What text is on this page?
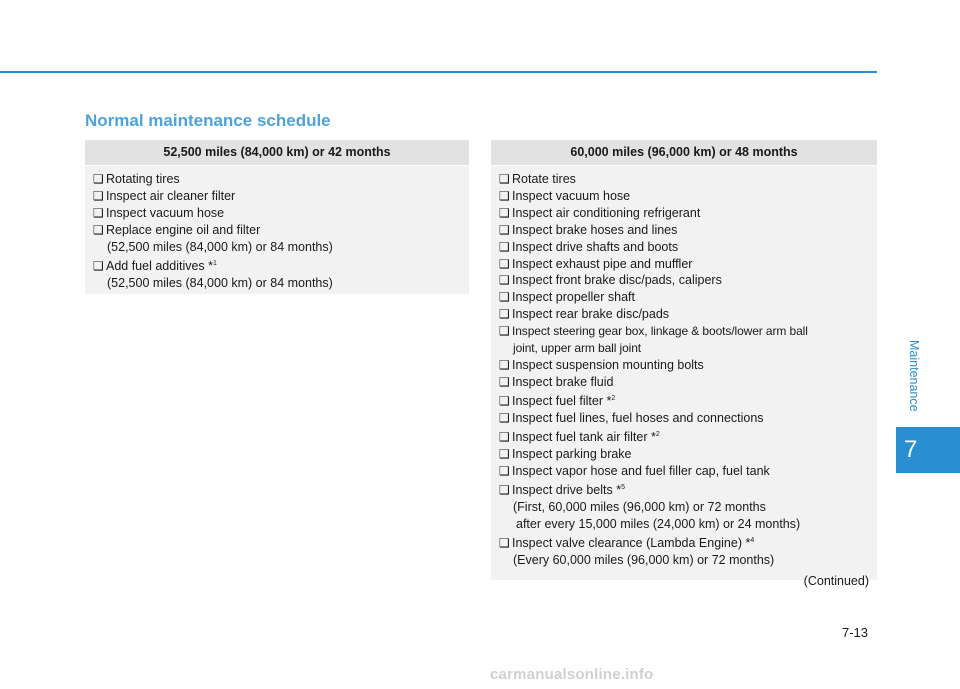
Normal maintenance schedule
52,500 miles (84,000 km) or 42 months
❑ Rotating tires
❑ Inspect air cleaner filter
❑ Inspect vacuum hose
❑ Replace engine oil and filter
(52,500 miles (84,000 km) or 84 months)
❑ Add fuel additives *$^1$
(52,500 miles (84,000 km) or 84 months)
60,000 miles (96,000 km) or 48 months
❑ Rotate tires
❑ Inspect vacuum hose
❑ Inspect air conditioning refrigerant
❑ Inspect brake hoses and lines
❑ Inspect drive shafts and boots
❑ Inspect exhaust pipe and muffler
❑ Inspect front brake disc/pads, calipers
❑ Inspect propeller shaft
❑ Inspect rear brake disc/pads
❑ Inspect steering gear box, linkage & boots/lower arm ball
joint, upper arm ball joint
❑ Inspect suspension mounting bolts
❑ Inspect brake fluid
❑ Inspect fuel filter *$^2$
❑ Inspect fuel lines, fuel hoses and connections
❑ Inspect fuel tank air filter *$^2$
❑ Inspect parking brake
❑ Inspect vapor hose and fuel filler cap, fuel tank
❑ Inspect drive belts *$^5$
(First, 60,000 miles (96,000 km) or 72 months
after every 15,000 miles (24,000 km) or 24 months)
❑ Inspect valve clearance (Lambda Engine) *$^4$
(Every 60,000 miles (96,000 km) or 72 months)
(Continued)
Maintenance
7
7-13
carmanualsonline.info
